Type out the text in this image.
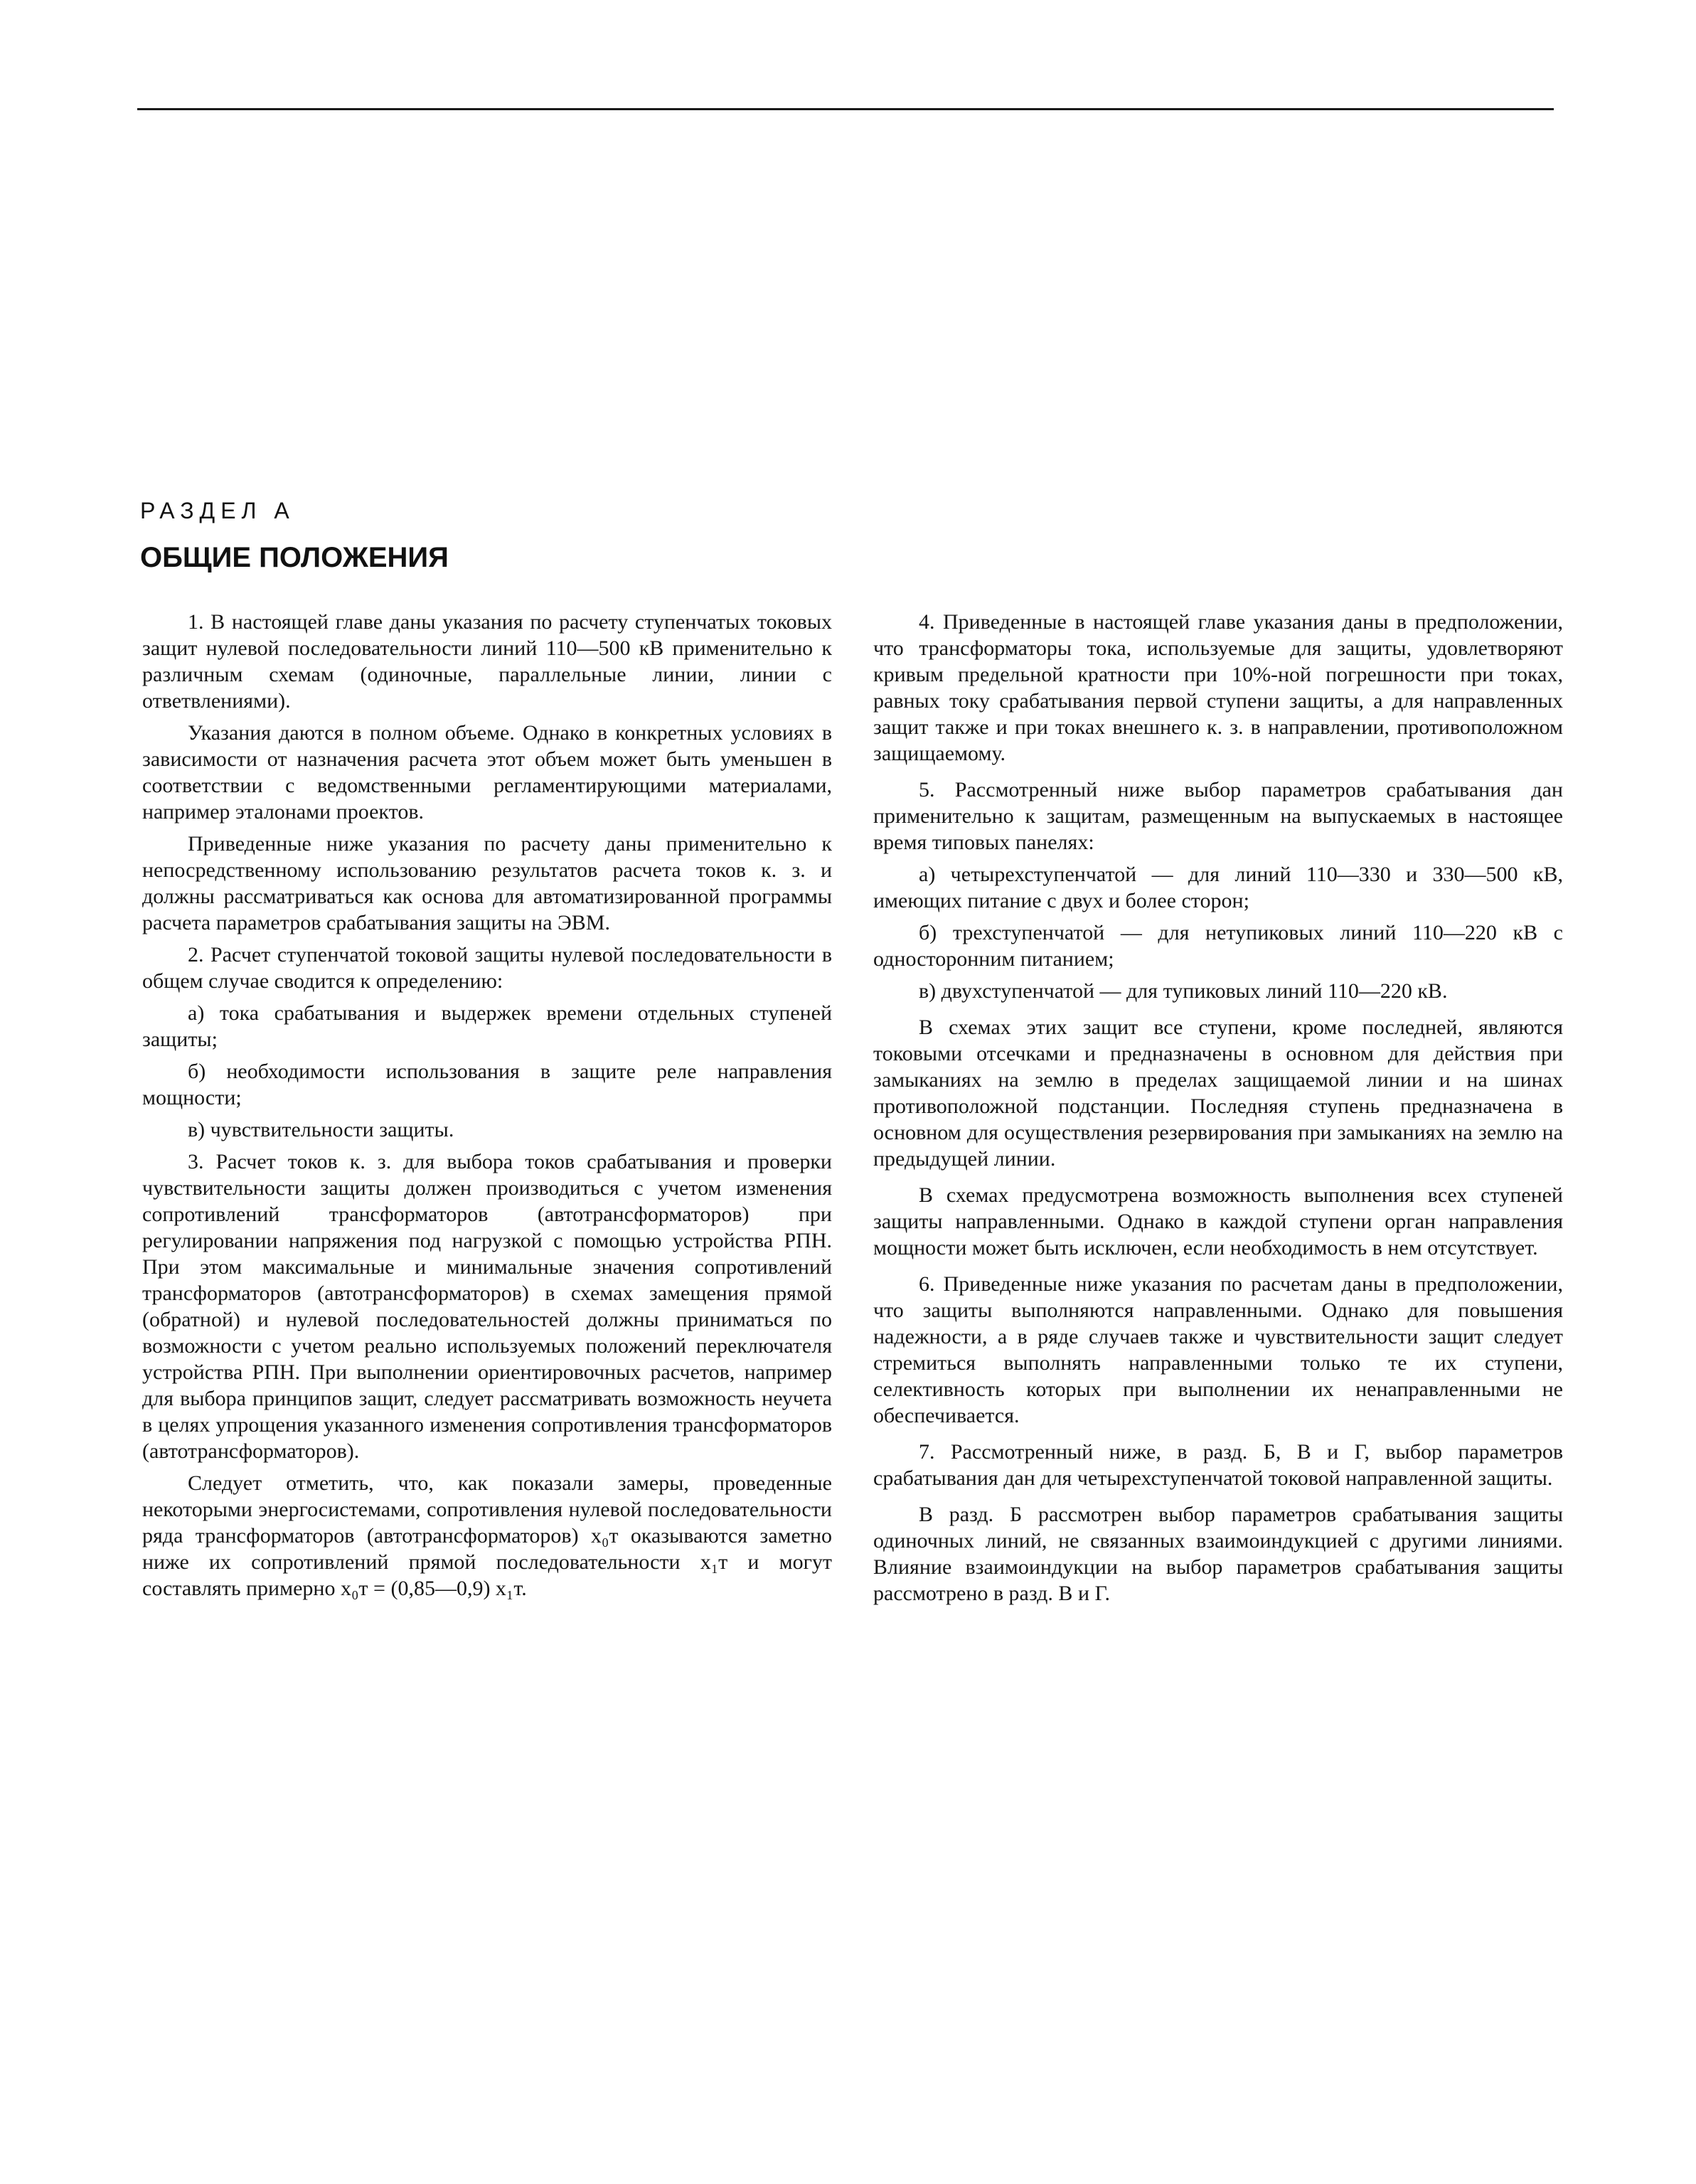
РАЗДЕЛ А
ОБЩИЕ ПОЛОЖЕНИЯ

1. В настоящей главе даны указания по расчету ступенчатых токовых защит нулевой последовательности линий 110—500 кВ применительно к различным схемам (одиночные, параллельные линии, линии с ответвлениями).

Указания даются в полном объеме. Однако в конкретных условиях в зависимости от назначения расчета этот объем может быть уменьшен в соответствии с ведомственными регламентирующими материалами, например эталонами проектов.

Приведенные ниже указания по расчету даны применительно к непосредственному использованию результатов расчета токов к. з. и должны рассматриваться как основа для автоматизированной программы расчета параметров срабатывания защиты на ЭВМ.

2. Расчет ступенчатой токовой защиты нулевой последовательности в общем случае сводится к определению:

а) тока срабатывания и выдержек времени отдельных ступеней защиты;

б) необходимости использования в защите реле направления мощности;

в) чувствительности защиты.

3. Расчет токов к. з. для выбора токов срабатывания и проверки чувствительности защиты должен производиться с учетом изменения сопротивлений трансформаторов (автотрансформаторов) при регулировании напряжения под нагрузкой с помощью устройства РПН. При этом максимальные и минимальные значения сопротивлений трансформаторов (автотрансформаторов) в схемах замещения прямой (обратной) и нулевой последовательностей должны приниматься по возможности с учетом реально используемых положений переключателя устройства РПН. При выполнении ориентировочных расчетов, например для выбора принципов защит, следует рассматривать возможность неучета в целях упрощения указанного изменения сопротивления трансформаторов (автотрансформаторов).

Следует отметить, что, как показали замеры, проведенные некоторыми энергосистемами, сопротивления нулевой последовательности ряда трансформаторов (автотрансформаторов) x₀т оказываются заметно ниже их сопротивлений прямой последовательности x₁т и могут составлять примерно x₀т = (0,85—0,9) x₁т.

4. Приведенные в настоящей главе указания даны в предположении, что трансформаторы тока, используемые для защиты, удовлетворяют кривым предельной кратности при 10%-ной погрешности при токах, равных току срабатывания первой ступени защиты, а для направленных защит также и при токах внешнего к. з. в направлении, противоположном защищаемому.

5. Рассмотренный ниже выбор параметров срабатывания дан применительно к защитам, размещенным на выпускаемых в настоящее время типовых панелях:

а) четырехступенчатой — для линий 110—330 и 330—500 кВ, имеющих питание с двух и более сторон;

б) трехступенчатой — для нетупиковых линий 110—220 кВ с односторонним питанием;

в) двухступенчатой — для тупиковых линий 110—220 кВ.

В схемах этих защит все ступени, кроме последней, являются токовыми отсечками и предназначены в основном для действия при замыканиях на землю в пределах защищаемой линии и на шинах противоположной подстанции. Последняя ступень предназначена в основном для осуществления резервирования при замыканиях на землю на предыдущей линии.

В схемах предусмотрена возможность выполнения всех ступеней защиты направленными. Однако в каждой ступени орган направления мощности может быть исключен, если необходимость в нем отсутствует.

6. Приведенные ниже указания по расчетам даны в предположении, что защиты выполняются направленными. Однако для повышения надежности, а в ряде случаев также и чувствительности защит следует стремиться выполнять направленными только те их ступени, селективность которых при выполнении их ненаправленными не обеспечивается.

7. Рассмотренный ниже, в разд. Б, В и Г, выбор параметров срабатывания дан для четырехступенчатой токовой направленной защиты.

В разд. Б рассмотрен выбор параметров срабатывания защиты одиночных линий, не связанных взаимоиндукцией с другими линиями. Влияние взаимоиндукции на выбор параметров срабатывания защиты рассмотрено в разд. В и Г.
